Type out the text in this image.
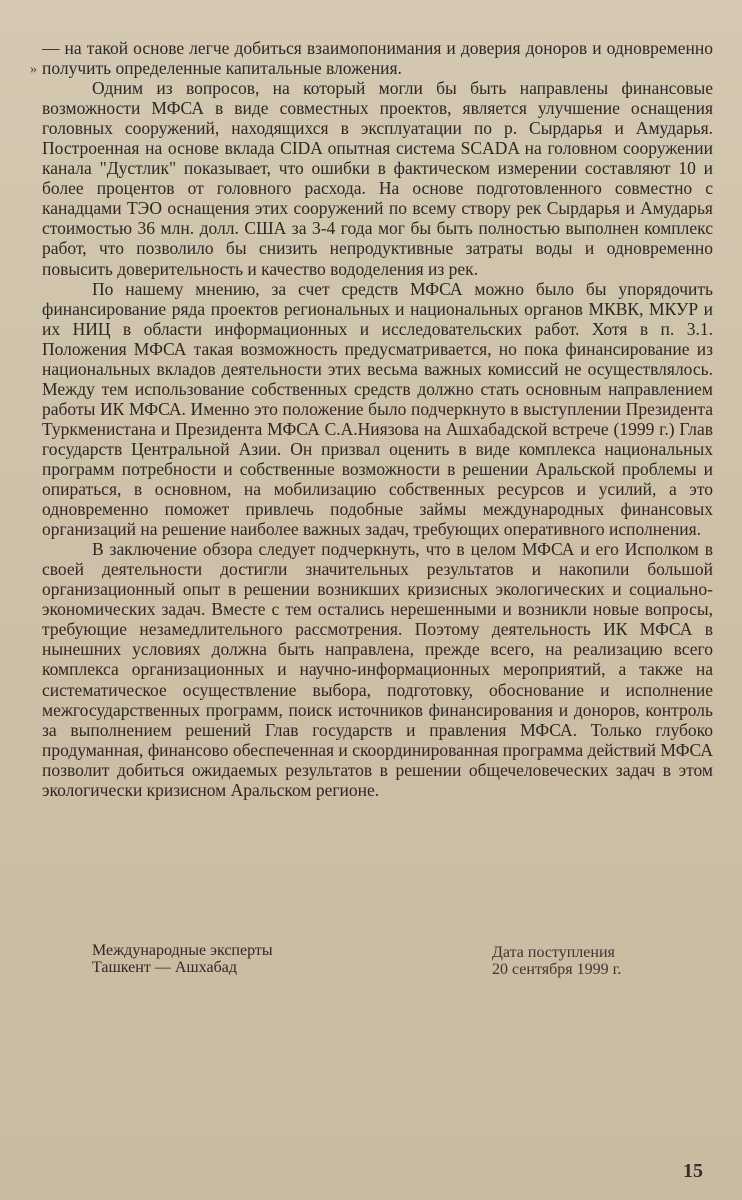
»

— на такой основе легче добиться взаимопонимания и доверия доноров и одновременно получить определенные капитальные вложения.

Одним из вопросов, на который могли бы быть направлены финансовые возможности МФСА в виде совместных проектов, является улучшение оснащения головных сооружений, находящихся в эксплуатации по р. Сырдарья и Амударья. Построенная на основе вклада CIDA опытная система SCADA на головном сооружении канала "Дустлик" показывает, что ошибки в фактическом измерении составляют 10 и более процентов от головного расхода. На основе подготовленного совместно с канадцами ТЭО оснащения этих сооружений по всему створу рек Сырдарья и Амударья стоимостью 36 млн. долл. США за 3-4 года мог бы быть полностью выполнен комплекс работ, что позволило бы снизить непродуктивные затраты воды и одновременно повысить доверительность и качество вододеления из рек.

По нашему мнению, за счет средств МФСА можно было бы упорядочить финансирование ряда проектов региональных и национальных органов МКВК, МКУР и их НИЦ в области информационных и исследовательских работ. Хотя в п. 3.1. Положения МФСА такая возможность предусматривается, но пока финансирование из национальных вкладов деятельности этих весьма важных комиссий не осуществлялось. Между тем использование собственных средств должно стать основным направлением работы ИК МФСА. Именно это положение было подчеркнуто в выступлении Президента Туркменистана и Президента МФСА С.А.Ниязова на Ашхабадской встрече (1999 г.) Глав государств Центральной Азии. Он призвал оценить в виде комплекса национальных программ потребности и собственные возможности в решении Аральской проблемы и опираться, в основном, на мобилизацию собственных ресурсов и усилий, а это одновременно поможет привлечь подобные займы международных финансовых организаций на решение наиболее важных задач, требующих оперативного исполнения.

В заключение обзора следует подчеркнуть, что в целом МФСА и его Исполком в своей деятельности достигли значительных результатов и накопили большой организационный опыт в решении возникших кризисных экологических и социально-экономических задач. Вместе с тем остались нерешенными и возникли новые вопросы, требующие незамедлительного рассмотрения. Поэтому деятельность ИК МФСА в нынешних условиях должна быть направлена, прежде всего, на реализацию всего комплекса организационных и научно-информационных мероприятий, а также на систематическое осуществление выбора, подготовку, обоснование и исполнение межгосударственных программ, поиск источников финансирования и доноров, контроль за выполнением решений Глав государств и правления МФСА. Только глубоко продуманная, финансово обеспеченная и скоординированная программа действий МФСА позволит добиться ожидаемых результатов в решении общечеловеческих задач в этом экологически кризисном Аральском регионе.

Международные эксперты
Ташкент — Ашхабад
Дата поступления
20 сентября 1999 г.
15
